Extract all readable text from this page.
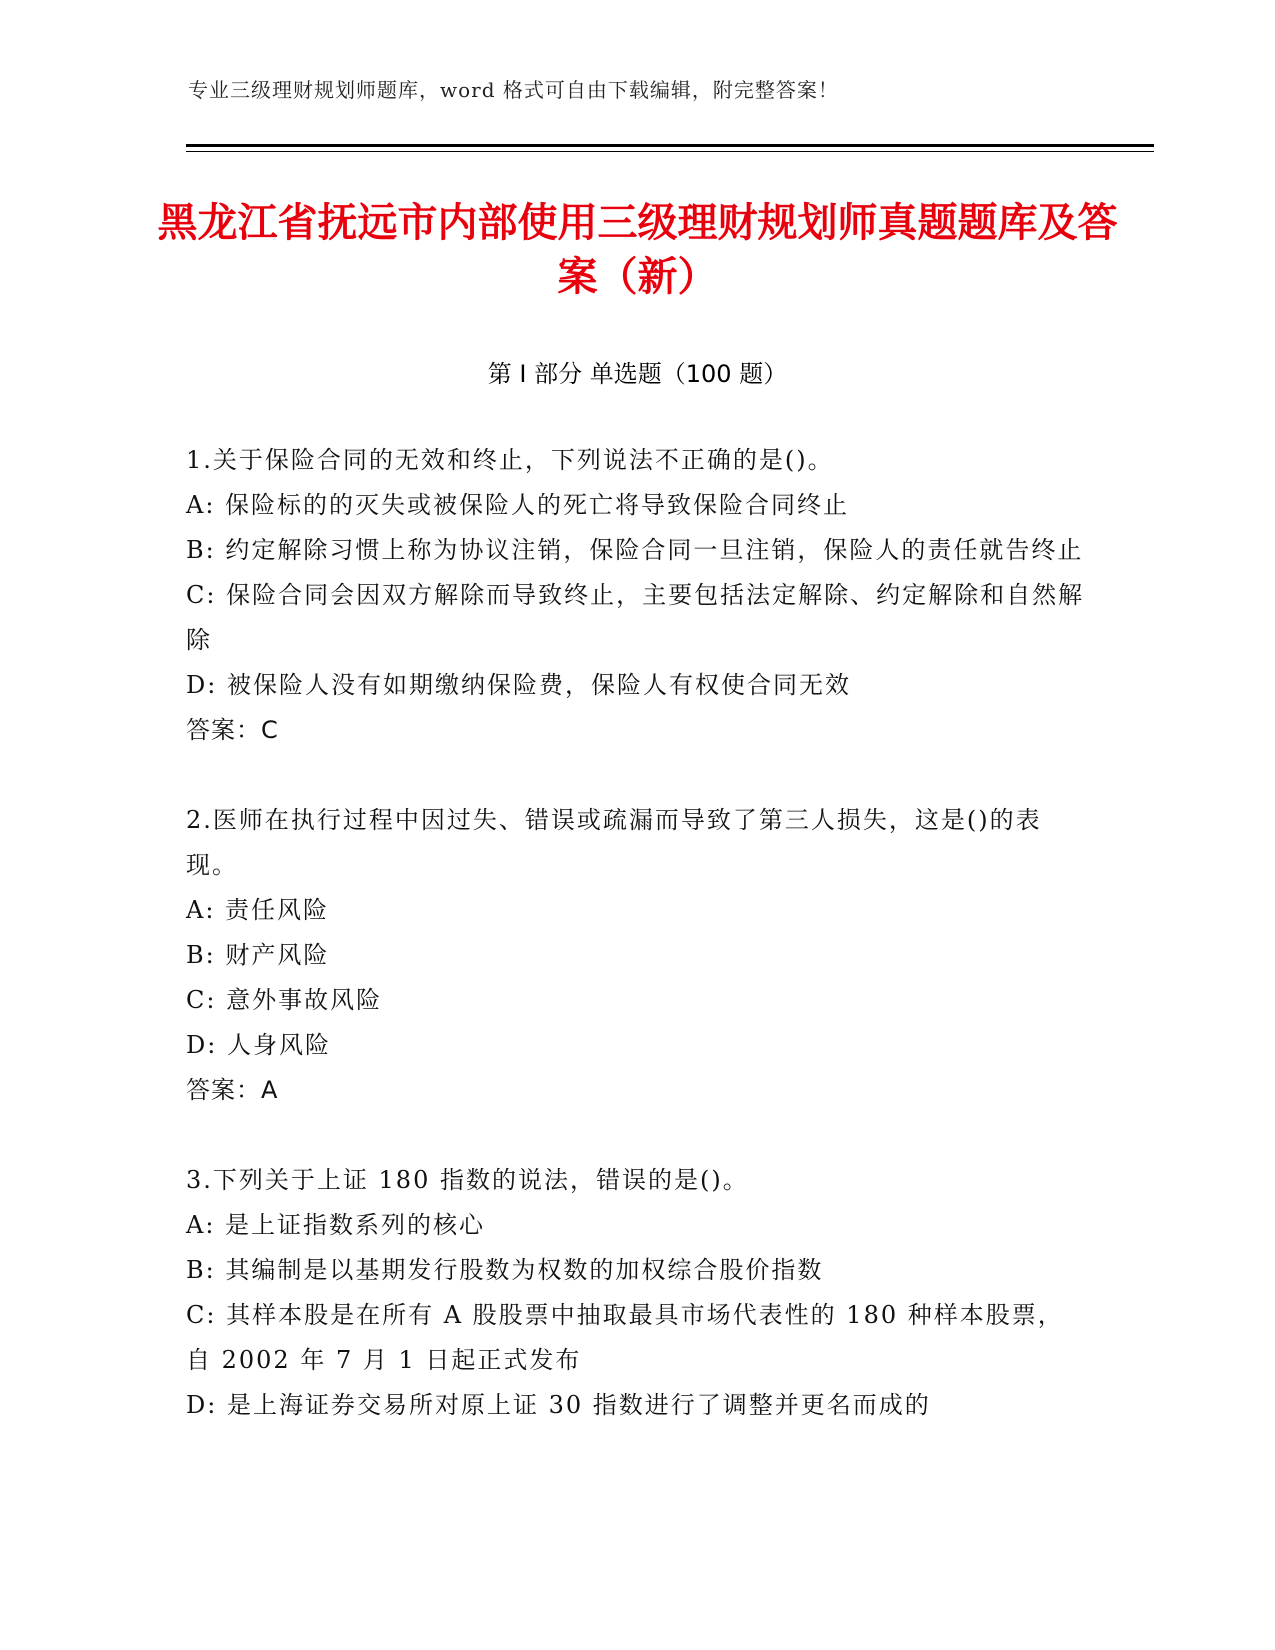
专业三级理财规划师题库，word 格式可自由下载编辑，附完整答案！
黑龙江省抚远市内部使用三级理财规划师真题题库及答案（新）
第 I 部分 单选题（100 题）

1.关于保险合同的无效和终止，下列说法不正确的是()。

A: 保险标的的灭失或被保险人的死亡将导致保险合同终止

B: 约定解除习惯上称为协议注销，保险合同一旦注销，保险人的责任就告终止

C: 保险合同会因双方解除而导致终止，主要包括法定解除、约定解除和自然解除

D: 被保险人没有如期缴纳保险费，保险人有权使合同无效

答案：C

2.医师在执行过程中因过失、错误或疏漏而导致了第三人损失，这是()的表现。

A: 责任风险

B: 财产风险

C: 意外事故风险

D: 人身风险

答案：A

3.下列关于上证 180 指数的说法，错误的是()。

A: 是上证指数系列的核心

B: 其编制是以基期发行股数为权数的加权综合股价指数

C: 其样本股是在所有 A 股股票中抽取最具市场代表性的 180 种样本股票，自 2002 年 7 月 1 日起正式发布

D: 是上海证券交易所对原上证 30 指数进行了调整并更名而成的
